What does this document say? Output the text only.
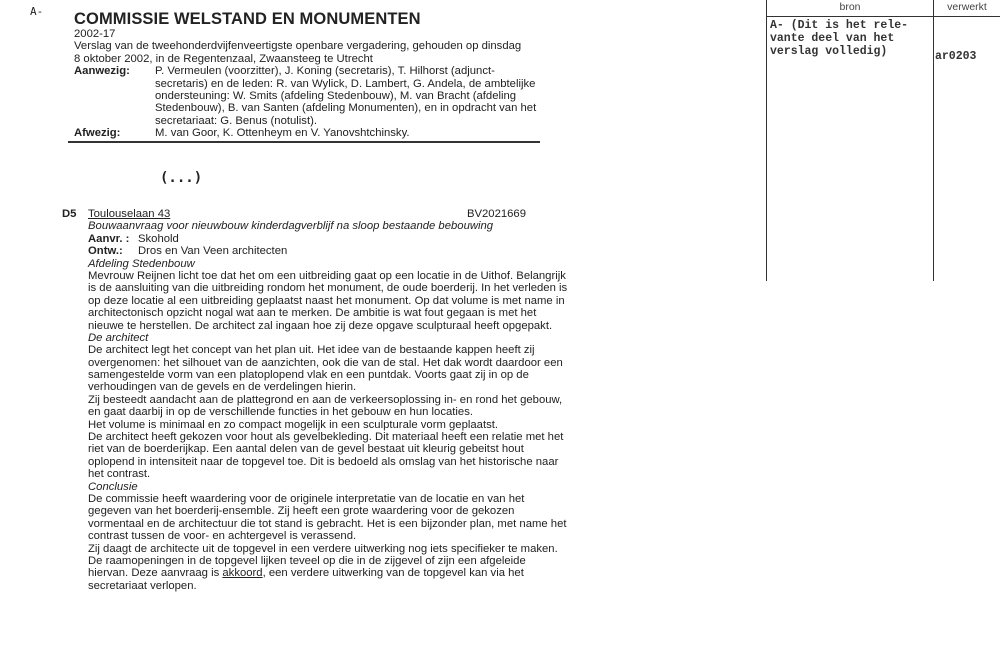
A- COMMISSIE WELSTAND EN MONUMENTEN
2002-17
Verslag van de tweehonderdvijfenveertigste openbare vergadering, gehouden op dinsdag
8 oktober 2002, in de Regentenzaal, Zwaansteeg te Utrecht
Aanwezig: P. Vermeulen (voorzitter), J. Koning (secretaris), T. Hilhorst (adjunct-
secretaris) en de leden: R. van Wylick, D. Lambert, G. Andela, de ambtelijke
ondersteuning: W. Smits (afdeling Stedenbouw), M. van Bracht (afdeling
Stedenbouw), B. van Santen (afdeling Monumenten), en in opdracht van het
secretariaat: G. Benus (notulist).
Afwezig:	M. van Goor, K. Ottenheym en V. Yanovshtchinsky.
(...)
D5 Toulouselaan 43	BV2021669
Bouwaanvraag voor nieuwbouw kinderdagverblijf na sloop bestaande bebouwing
Aanvr. : Skohold
Ontw.: Dros en Van Veen architecten
Afdeling Stedenbouw
Mevrouw Reijnen licht toe dat het om een uitbreiding gaat op een locatie in de Uithof. Belangrijk
is de aansluiting van die uitbreiding rondom het monument, de oude boerderij. In het verleden is
op deze locatie al een uitbreiding geplaatst naast het monument. Op dat volume is met name in
architectonisch opzicht nogal wat aan te merken. De ambitie is wat fout gegaan is met het
nieuwe te herstellen. De architect zal ingaan hoe zij deze opgave sculpturaal heeft opgepakt.
De architect
De architect legt het concept van het plan uit. Het idee van de bestaande kappen heeft zij
overgenomen: het silhouet van de aanzichten, ook die van de stal. Het dak wordt daardoor een
samengestelde vorm van een platoplopend vlak en een puntdak. Voorts gaat zij in op de
verhoudingen van de gevels en de verdelingen hierin.
Zij besteedt aandacht aan de plattegrond en aan de verkeersoplossing in- en rond het gebouw,
en gaat daarbij in op de verschillende functies in het gebouw en hun locaties.
Het volume is minimaal en zo compact mogelijk in een sculpturale vorm geplaatst.
De architect heeft gekozen voor hout als gevelbekleding. Dit materiaal heeft een relatie met het
riet van de boerderijkap. Een aantal delen van de gevel bestaat uit kleurig gebeitst hout
oplopend in intensiteit naar de topgevel toe. Dit is bedoeld als omslag van het historische naar
het contrast.
Conclusie
De commissie heeft waardering voor de originele interpretatie van de locatie en van het
gegeven van het boerderij-ensemble. Zij heeft een grote waardering voor de gekozen
vormentaal en de architectuur die tot stand is gebracht. Het is een bijzonder plan, met name het
contrast tussen de voor- en achtergevel is verassend.
Zij daagt de architecte uit de topgevel in een verdere uitwerking nog iets specifieker te maken.
De raamopeningen in de topgevel lijken teveel op die in de zijgevel of zijn een afgeleide
hiervan. Deze aanvraag is akkoord, een verdere uitwerking van de topgevel kan via het
secretariaat verlopen.
bron	verwerkt
A- (Dit is het rele-
vante deel van het
verslag volledig)	ar0203
